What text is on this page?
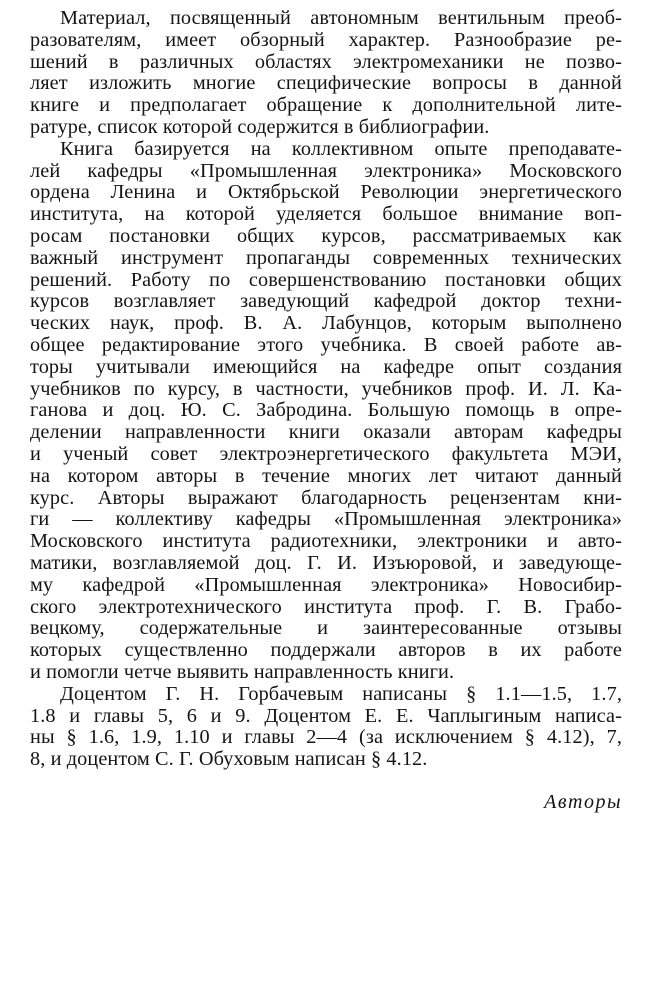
Материал, посвященный автономным вентильным преоб-
разователям, имеет обзорный характер. Разнообразие ре-
шений в различных областях электромеханики не позво-
ляет изложить многие специфические вопросы в данной
книге и предполагает обращение к дополнительной лите-
ратуре, список которой содержится в библиографии.
Книга базируется на коллективном опыте преподавате-
лей кафедры «Промышленная электроника» Московского
ордена Ленина и Октябрьской Революции энергетического
института, на которой уделяется большое внимание воп-
росам постановки общих курсов, рассматриваемых как
важный инструмент пропаганды современных технических
решений. Работу по совершенствованию постановки общих
курсов возглавляет заведующий кафедрой доктор техни-
ческих наук, проф. В. А. Лабунцов, которым выполнено
общее редактирование этого учебника. В своей работе ав-
торы учитывали имеющийся на кафедре опыт создания
учебников по курсу, в частности, учебников проф. И. Л. Ка-
ганова и доц. Ю. С. Забродина. Большую помощь в опре-
делении направленности книги оказали авторам кафедры
и ученый совет электроэнергетического факультета МЭИ,
на котором авторы в течение многих лет читают данный
курс. Авторы выражают благодарность рецензентам кни-
ги — коллективу кафедры «Промышленная электроника»
Московского института радиотехники, электроники и авто-
матики, возглавляемой доц. Г. И. Изъюровой, и заведующе-
му кафедрой «Промышленная электроника» Новосибир-
ского электротехнического института проф. Г. В. Грабо-
вецкому, содержательные и заинтересованные отзывы
которых существленно поддержали авторов в их работе
и помогли четче выявить направленность книги.
Доцентом Г. Н. Горбачевым написаны § 1.1—1.5, 1.7,
1.8 и главы 5, 6 и 9. Доцентом Е. Е. Чаплыгиным написа-
ны § 1.6, 1.9, 1.10 и главы 2—4 (за исключением § 4.12), 7,
8, и доцентом С. Г. Обуховым написан § 4.12.
Авторы
